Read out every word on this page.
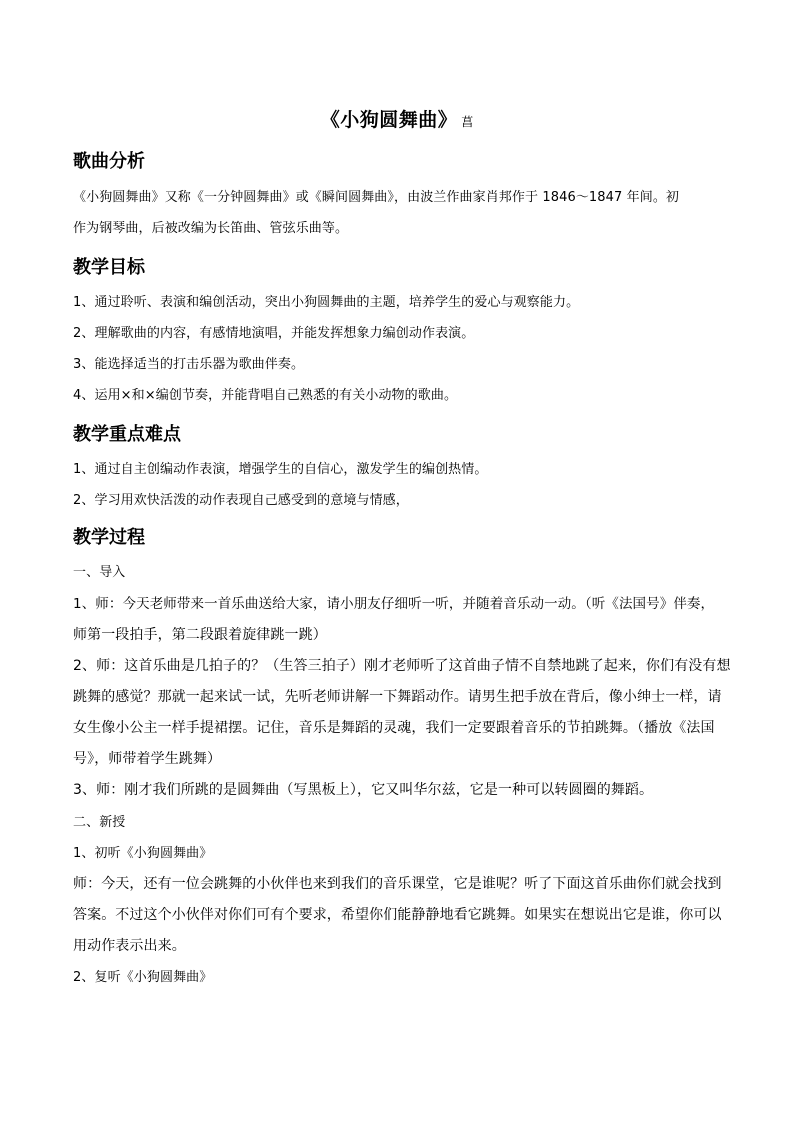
《小狗圆舞曲》 菖
歌曲分析
《小狗圆舞曲》又称《一分钟圆舞曲》或《瞬间圆舞曲》，由波兰作曲家肖邦作于 1846～1847 年间。初
作为钢琴曲，后被改编为长笛曲、管弦乐曲等。
教学目标
1、通过聆听、表演和编创活动，突出小狗圆舞曲的主题，培养学生的爱心与观察能力。
2、理解歌曲的内容，有感情地演唱，并能发挥想象力编创动作表演。
3、能选择适当的打击乐器为歌曲伴奏。
4、运用×和×编创节奏，并能背唱自己熟悉的有关小动物的歌曲。
教学重点难点
1、通过自主创编动作表演，增强学生的自信心，激发学生的编创热情。
2、学习用欢快活泼的动作表现自己感受到的意境与情感，
教学过程
一、导入
1、师：今天老师带来一首乐曲送给大家，请小朋友仔细听一听，并随着音乐动一动。（听《法国号》伴奏，
师第一段拍手，第二段跟着旋律跳一跳）
2、师：这首乐曲是几拍子的？（生答三拍子）刚才老师听了这首曲子情不自禁地跳了起来，你们有没有想
跳舞的感觉？那就一起来试一试，先听老师讲解一下舞蹈动作。请男生把手放在背后，像小绅士一样，请
女生像小公主一样手提裙摆。记住，音乐是舞蹈的灵魂，我们一定要跟着音乐的节拍跳舞。（播放《法国
号》，师带着学生跳舞）
3、师：刚才我们所跳的是圆舞曲（写黑板上），它又叫华尔兹，它是一种可以转圆圈的舞蹈。
二、新授
1、初听《小狗圆舞曲》
师：今天，还有一位会跳舞的小伙伴也来到我们的音乐课堂，它是谁呢？听了下面这首乐曲你们就会找到
答案。不过这个小伙伴对你们可有个要求，希望你们能静静地看它跳舞。如果实在想说出它是谁，你可以
用动作表示出来。
2、复听《小狗圆舞曲》
